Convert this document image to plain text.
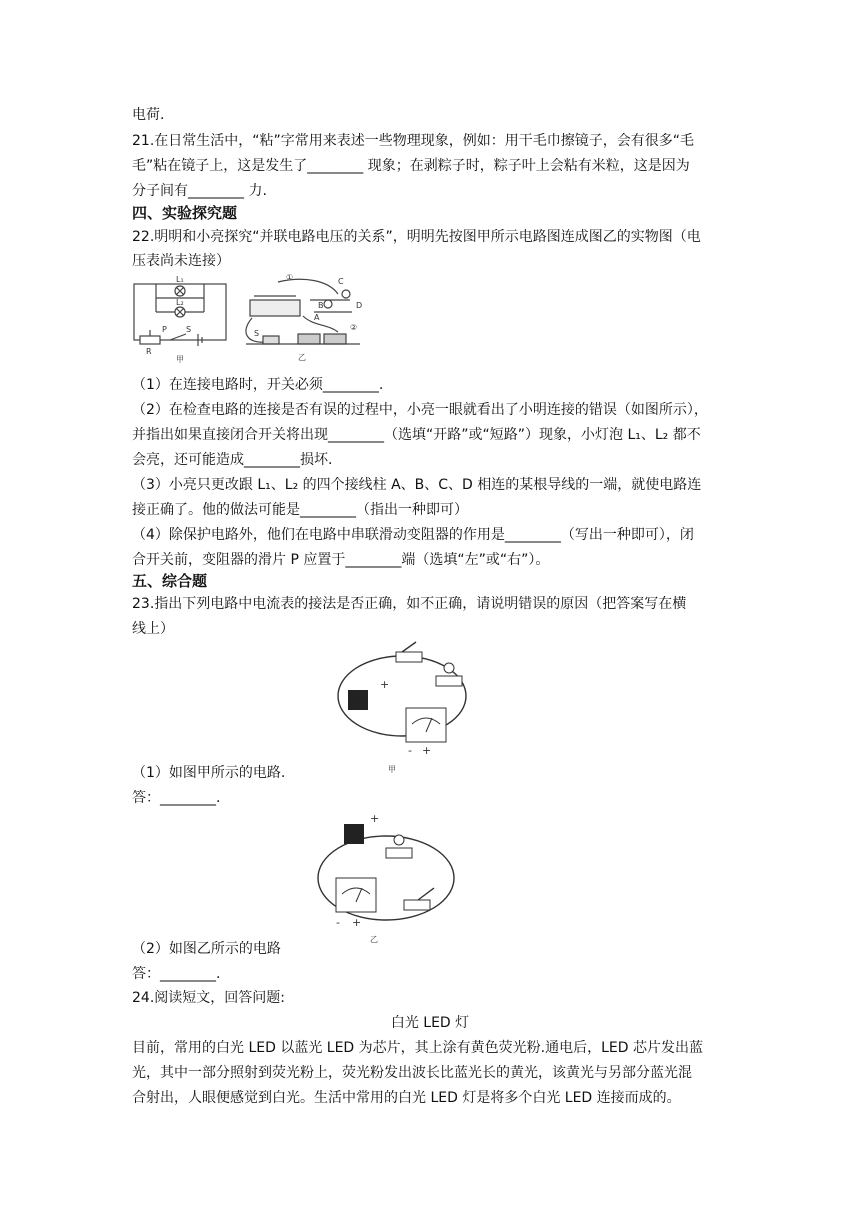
电荷.
21.在日常生活中，“粘”字常用来表述一些物理现象，例如：用干毛巾擦镜子，会有很多“毛
毛”粘在镜子上，这是发生了________ 现象；在剥粽子时，粽子叶上会粘有米粒，这是因为
分子间有________ 力.
四、实验探究题
22.明明和小亮探究“并联电路电压的关系”，明明先按图甲所示电路图连成图乙的实物图（电
压表尚未连接）
L₁
L₂
P
R
S
甲
①	C
D
B
A
②
S
乙
（1）在连接电路时，开关必须________.
（2）在检查电路的连接是否有误的过程中，小亮一眼就看出了小明连接的错误（如图所示），
并指出如果直接闭合开关将出现________（选填“开路”或“短路”）现象，小灯泡 L₁、L₂ 都不
会亮，还可能造成________损坏.
（3）小亮只更改跟 L₁、L₂ 的四个接线柱 A、B、C、D 相连的某根导线的一端，就使电路连
接正确了。他的做法可能是________（指出一种即可）
（4）除保护电路外，他们在电路中串联滑动变阻器的作用是________（写出一种即可），闭
合开关前，变阻器的滑片 P 应置于________端（选填“左”或“右”）。
五、综合题
23.指出下列电路中电流表的接法是否正确，如不正确，请说明错误的原因（把答案写在横
线上）
+
- +
甲
（1）如图甲所示的电路.
答：________.
+
- +
乙
（2）如图乙所示的电路
答：________.
24.阅读短文，回答问题:
白光 LED 灯
目前，常用的白光 LED 以蓝光 LED 为芯片，其上涂有黄色荧光粉.通电后，LED 芯片发出蓝
光，其中一部分照射到荧光粉上，荧光粉发出波长比蓝光长的黄光，该黄光与另部分蓝光混
合射出，人眼便感觉到白光。生活中常用的白光 LED 灯是将多个白光 LED 连接而成的。
